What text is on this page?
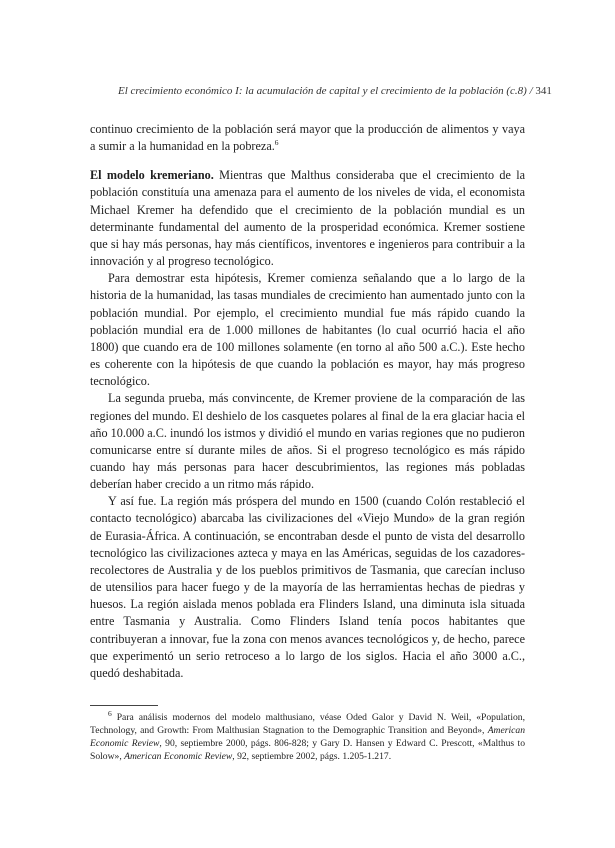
El crecimiento económico I: la acumulación de capital y el crecimiento de la población (c.8) / 341

continuo crecimiento de la población será mayor que la producción de alimentos y vaya a sumir a la humanidad en la pobreza.$^6$

El modelo kremeriano. Mientras que Malthus consideraba que el crecimiento de la población constituía una amenaza para el aumento de los niveles de vida, el economista Michael Kremer ha defendido que el crecimiento de la población mundial es un determinante fundamental del aumento de la prosperidad económica. Kremer sostiene que si hay más personas, hay más científicos, inventores e ingenieros para contribuir a la innovación y al progreso tecnológico.

Para demostrar esta hipótesis, Kremer comienza señalando que a lo largo de la historia de la humanidad, las tasas mundiales de crecimiento han aumentado junto con la población mundial. Por ejemplo, el crecimiento mundial fue más rápido cuando la población mundial era de 1.000 millones de habitantes (lo cual ocurrió hacia el año 1800) que cuando era de 100 millones solamente (en torno al año 500 a.C.). Este hecho es coherente con la hipótesis de que cuando la población es mayor, hay más progreso tecnológico.

La segunda prueba, más convincente, de Kremer proviene de la comparación de las regiones del mundo. El deshielo de los casquetes polares al final de la era glaciar hacia el año 10.000 a.C. inundó los istmos y dividió el mundo en varias regiones que no pudieron comunicarse entre sí durante miles de años. Si el progreso tecnológico es más rápido cuando hay más personas para hacer descubrimientos, las regiones más pobladas deberían haber crecido a un ritmo más rápido.

Y así fue. La región más próspera del mundo en 1500 (cuando Colón restableció el contacto tecnológico) abarcaba las civilizaciones del «Viejo Mundo» de la gran región de Eurasia-África. A continuación, se encontraban desde el punto de vista del desarrollo tecnológico las civilizaciones azteca y maya en las Américas, seguidas de los cazadores-recolectores de Australia y de los pueblos primitivos de Tasmania, que carecían incluso de utensilios para hacer fuego y de la mayoría de las herramientas hechas de piedras y huesos. La región aislada menos poblada era Flinders Island, una diminuta isla situada entre Tasmania y Australia. Como Flinders Island tenía pocos habitantes que contribuyeran a innovar, fue la zona con menos avances tecnológicos y, de hecho, parece que experimentó un serio retroceso a lo largo de los siglos. Hacia el año 3000 a.C., quedó deshabitada.

$^6$ Para análisis modernos del modelo malthusiano, véase Oded Galor y David N. Weil, «Population, Technology, and Growth: From Malthusian Stagnation to the Demographic Transition and Beyond», American Economic Review, 90, septiembre 2000, págs. 806-828; y Gary D. Hansen y Edward C. Prescott, «Malthus to Solow», American Economic Review, 92, septiembre 2002, págs. 1.205-1.217.
